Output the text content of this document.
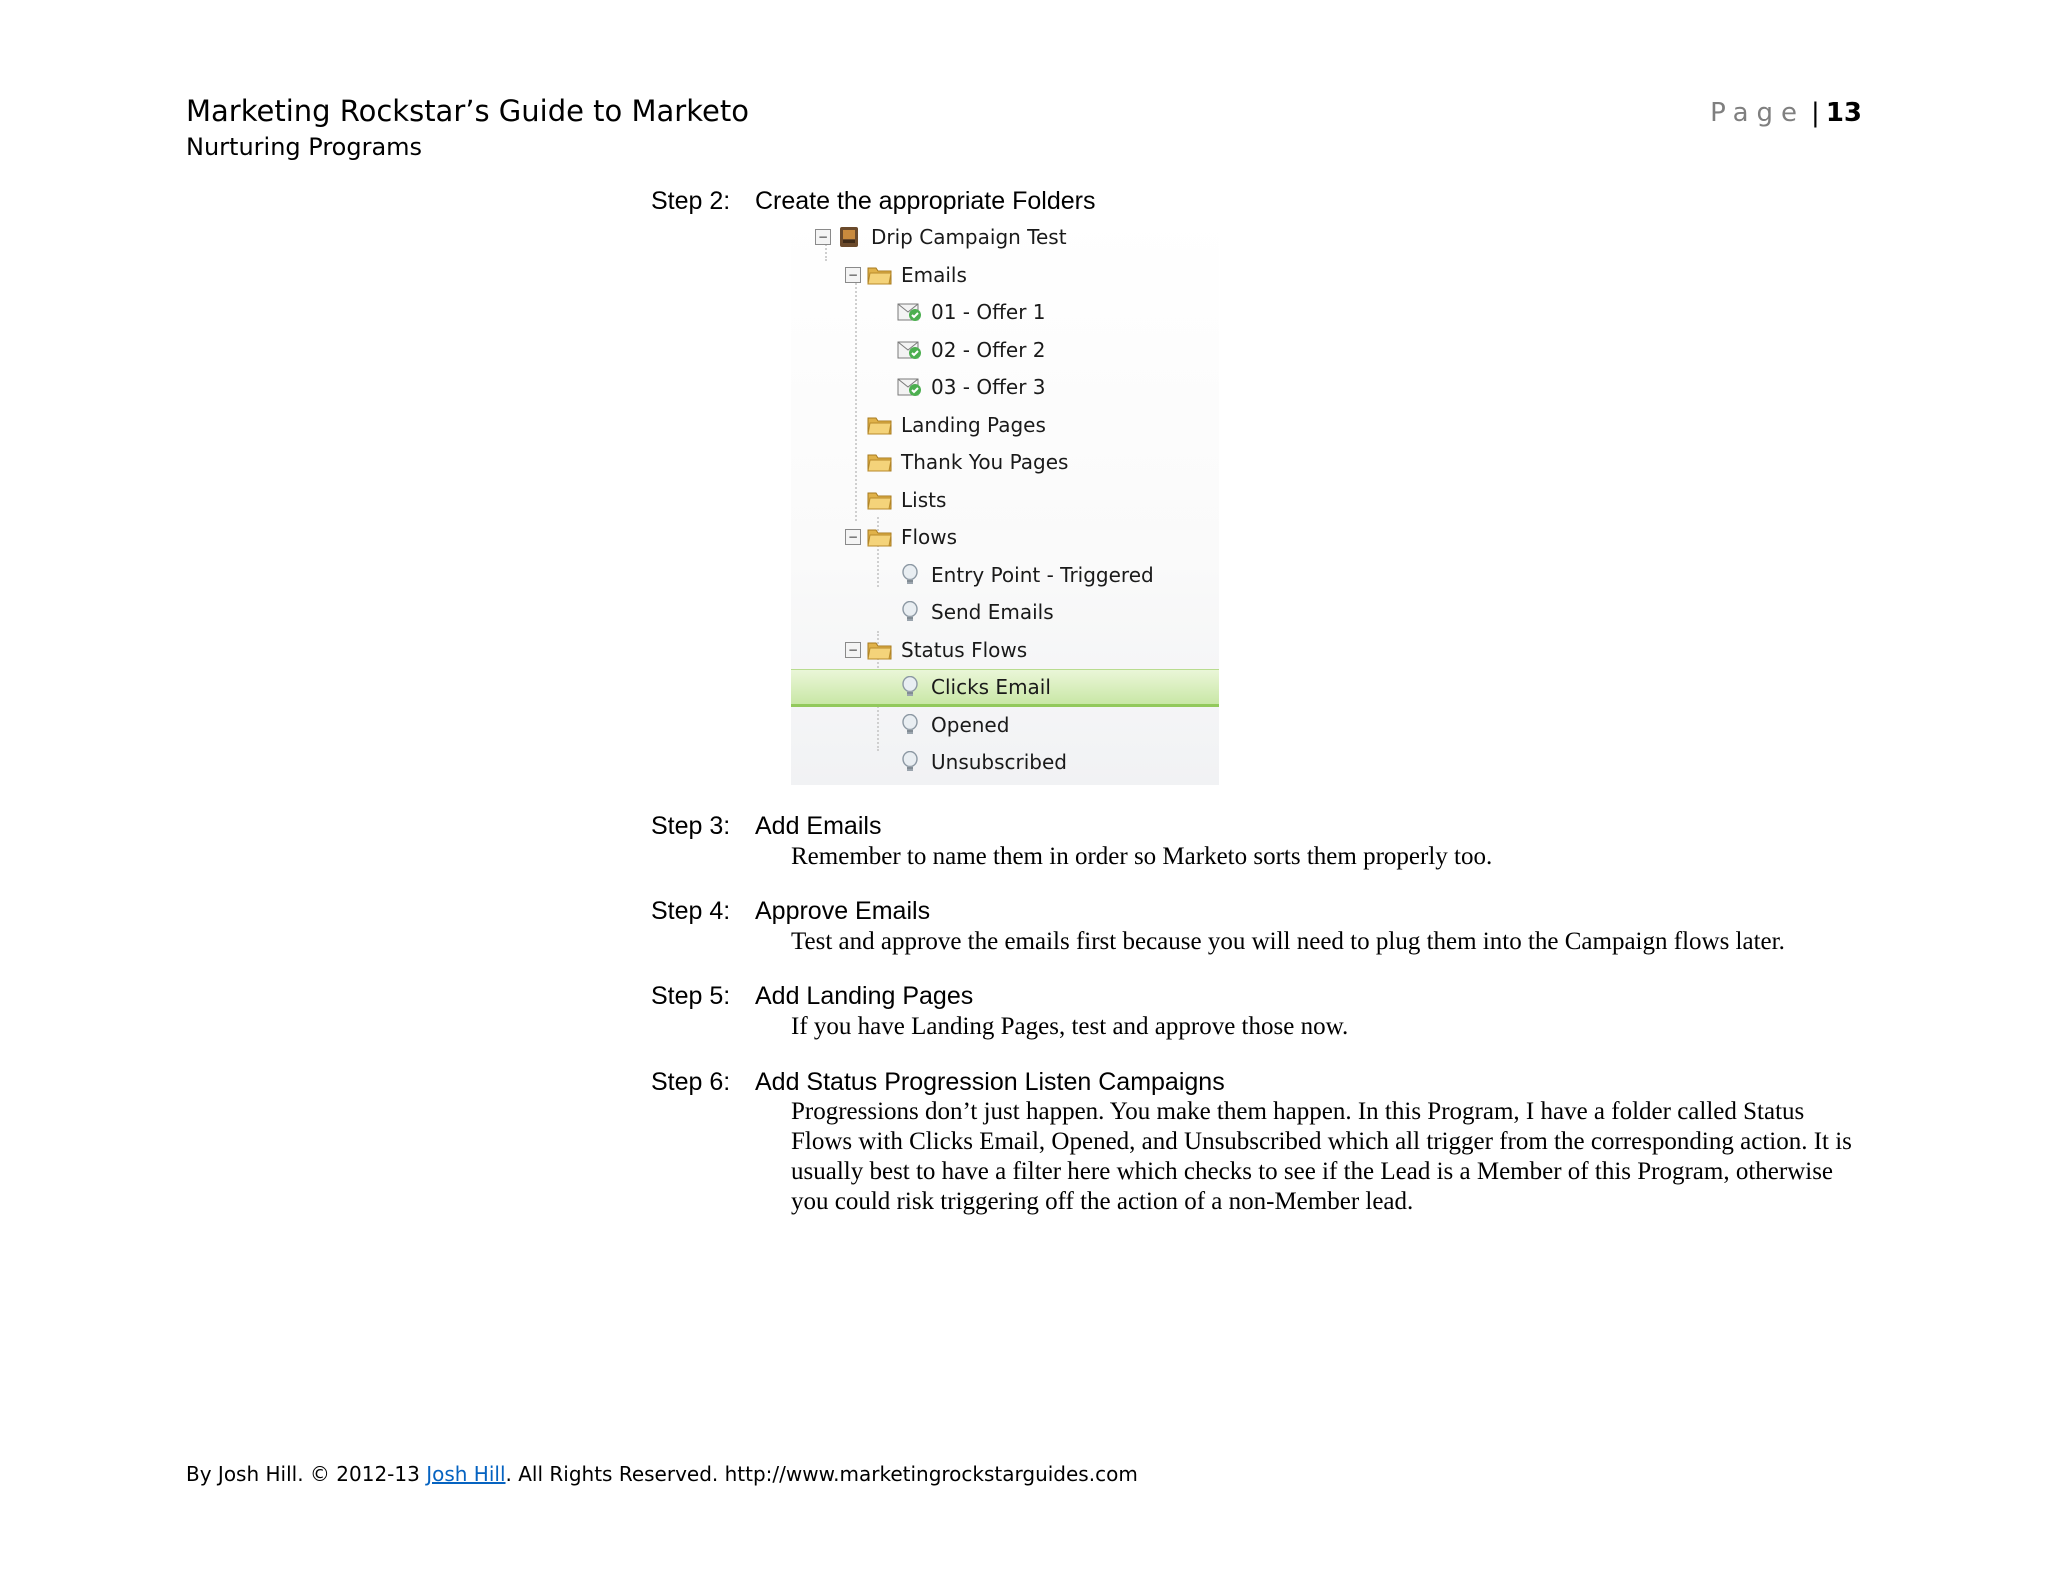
Marketing Rockstar’s Guide to Marketo
Nurturing Programs
Page | 13
Step 2: Create the appropriate Folders
− Drip Campaign Test
− Emails
01 - Offer 1
02 - Offer 2
03 - Offer 3
Landing Pages
Thank You Pages
Lists
− Flows
Entry Point - Triggered
Send Emails
− Status Flows
Clicks Email
Opened
Unsubscribed
Step 3: Add Emails
Remember to name them in order so Marketo sorts them properly too.
Step 4: Approve Emails
Test and approve the emails first because you will need to plug them into the Campaign flows later.
Step 5: Add Landing Pages
If you have Landing Pages, test and approve those now.
Step 6: Add Status Progression Listen Campaigns
Progressions don’t just happen. You make them happen. In this Program, I have a folder called Status Flows with Clicks Email, Opened, and Unsubscribed which all trigger from the corresponding action. It is usually best to have a filter here which checks to see if the Lead is a Member of this Program, otherwise you could risk triggering off the action of a non-Member lead.
By Josh Hill. © 2012-13 Josh Hill. All Rights Reserved. http://www.marketingrockstarguides.com
